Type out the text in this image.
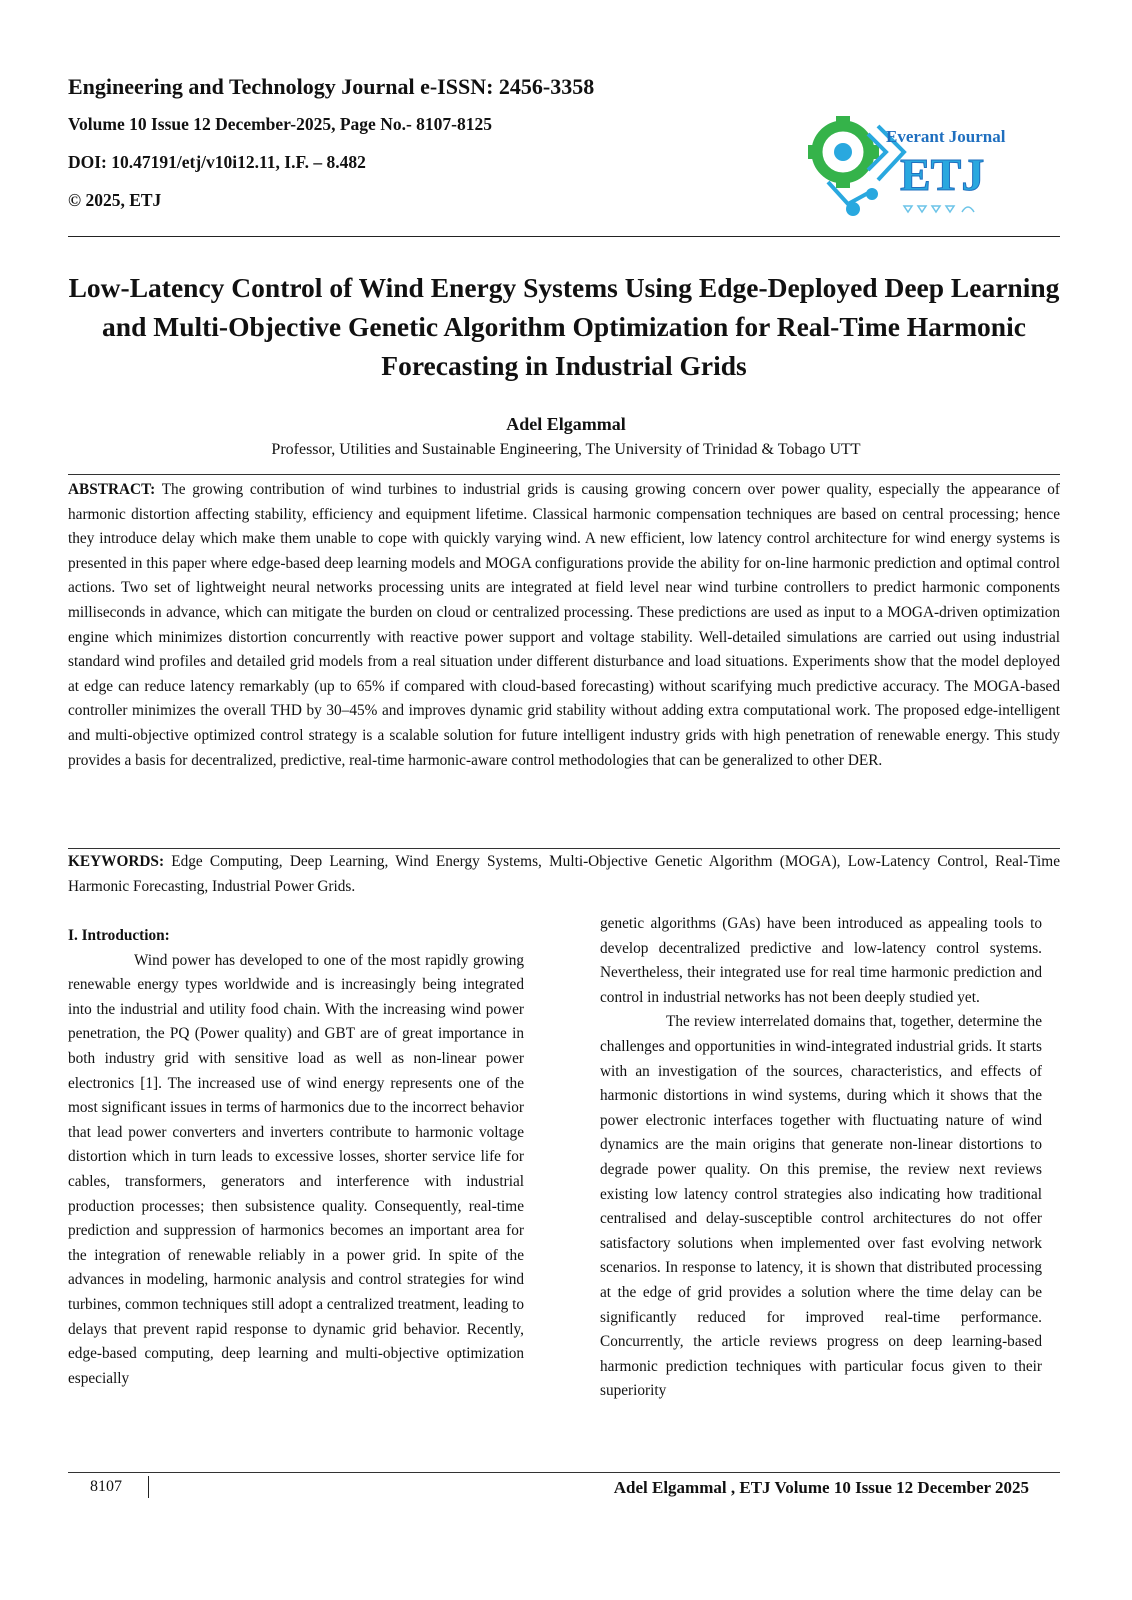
Engineering and Technology Journal e-ISSN: 2456-3358
Volume 10 Issue 12 December-2025, Page No.- 8107-8125
DOI: 10.47191/etj/v10i12.11, I.F. – 8.482
© 2025, ETJ
Everant Journal
ETJ
Low-Latency Control of Wind Energy Systems Using Edge-Deployed Deep Learning and Multi-Objective Genetic Algorithm Optimization for Real-Time Harmonic Forecasting in Industrial Grids
Adel Elgammal
Professor, Utilities and Sustainable Engineering, The University of Trinidad & Tobago UTT
ABSTRACT: The growing contribution of wind turbines to industrial grids is causing growing concern over power quality, especially the appearance of harmonic distortion affecting stability, efficiency and equipment lifetime. Classical harmonic compensation techniques are based on central processing; hence they introduce delay which make them unable to cope with quickly varying wind. A new efficient, low latency control architecture for wind energy systems is presented in this paper where edge-based deep learning models and MOGA configurations provide the ability for on-line harmonic prediction and optimal control actions. Two set of lightweight neural networks processing units are integrated at field level near wind turbine controllers to predict harmonic components milliseconds in advance, which can mitigate the burden on cloud or centralized processing. These predictions are used as input to a MOGA-driven optimization engine which minimizes distortion concurrently with reactive power support and voltage stability. Well-detailed simulations are carried out using industrial standard wind profiles and detailed grid models from a real situation under different disturbance and load situations. Experiments show that the model deployed at edge can reduce latency remarkably (up to 65% if compared with cloud-based forecasting) without scarifying much predictive accuracy. The MOGA-based controller minimizes the overall THD by 30–45% and improves dynamic grid stability without adding extra computational work. The proposed edge-intelligent and multi-objective optimized control strategy is a scalable solution for future intelligent industry grids with high penetration of renewable energy. This study provides a basis for decentralized, predictive, real-time harmonic-aware control methodologies that can be generalized to other DER.
KEYWORDS: Edge Computing, Deep Learning, Wind Energy Systems, Multi-Objective Genetic Algorithm (MOGA), Low-Latency Control, Real-Time Harmonic Forecasting, Industrial Power Grids.

I. Introduction:

Wind power has developed to one of the most rapidly growing renewable energy types worldwide and is increasingly being integrated into the industrial and utility food chain. With the increasing wind power penetration, the PQ (Power quality) and GBT are of great importance in both industry grid with sensitive load as well as non-linear power electronics [1]. The increased use of wind energy represents one of the most significant issues in terms of harmonics due to the incorrect behavior that lead power converters and inverters contribute to harmonic voltage distortion which in turn leads to excessive losses, shorter service life for cables, transformers, generators and interference with industrial production processes; then subsistence quality. Consequently, real-time prediction and suppression of harmonics becomes an important area for the integration of renewable reliably in a power grid. In spite of the advances in modeling, harmonic analysis and control strategies for wind turbines, common techniques still adopt a centralized treatment, leading to delays that prevent rapid response to dynamic grid behavior. Recently, edge-based computing, deep learning and multi-objective optimization especially

genetic algorithms (GAs) have been introduced as appealing tools to develop decentralized predictive and low-latency control systems. Nevertheless, their integrated use for real time harmonic prediction and control in industrial networks has not been deeply studied yet.

The review interrelated domains that, together, determine the challenges and opportunities in wind-integrated industrial grids. It starts with an investigation of the sources, characteristics, and effects of harmonic distortions in wind systems, during which it shows that the power electronic interfaces together with fluctuating nature of wind dynamics are the main origins that generate non-linear distortions to degrade power quality. On this premise, the review next reviews existing low latency control strategies also indicating how traditional centralised and delay-susceptible control architectures do not offer satisfactory solutions when implemented over fast evolving network scenarios. In response to latency, it is shown that distributed processing at the edge of grid provides a solution where the time delay can be significantly reduced for improved real-time performance. Concurrently, the article reviews progress on deep learning-based harmonic prediction techniques with particular focus given to their superiority

8107	Adel Elgammal , ETJ Volume 10 Issue 12 December 2025
